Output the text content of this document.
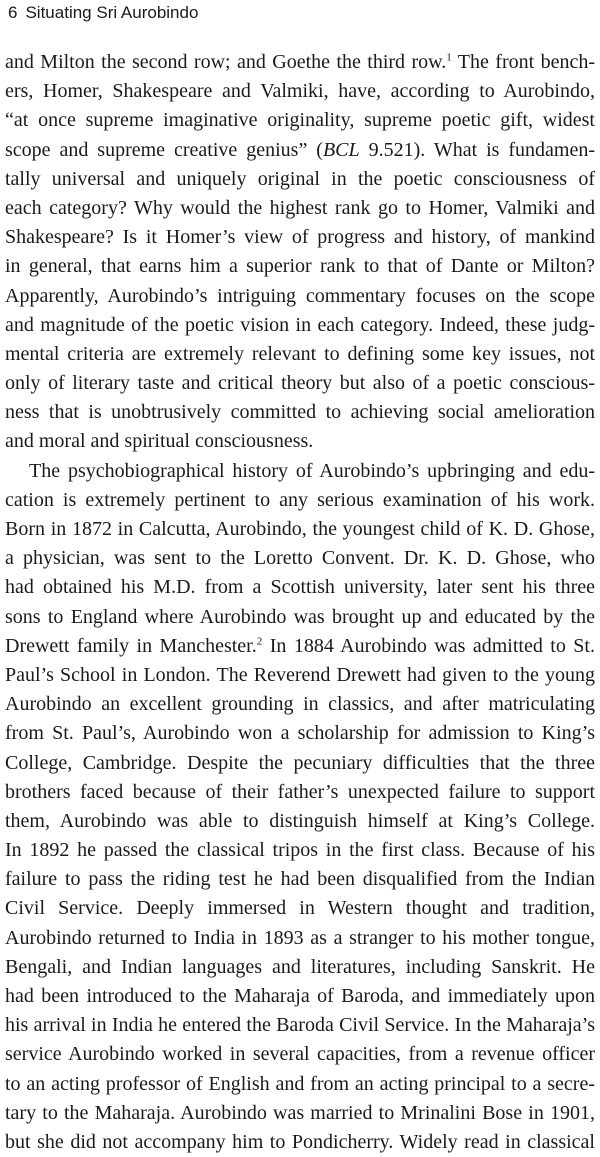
6 Situating Sri Aurobindo
and Milton the second row; and Goethe the third row.$^1$ The front bench-
ers, Homer, Shakespeare and Valmiki, have, according to Aurobindo,
“at once supreme imaginative originality, supreme poetic gift, widest
scope and supreme creative genius” (BCL 9.521). What is fundamen-
tally universal and uniquely original in the poetic consciousness of
each category? Why would the highest rank go to Homer, Valmiki and
Shakespeare? Is it Homer’s view of progress and history, of mankind
in general, that earns him a superior rank to that of Dante or Milton?
Apparently, Aurobindo’s intriguing commentary focuses on the scope
and magnitude of the poetic vision in each category. Indeed, these judg-
mental criteria are extremely relevant to defining some key issues, not
only of literary taste and critical theory but also of a poetic conscious-
ness that is unobtrusively committed to achieving social amelioration
and moral and spiritual consciousness.
The psychobiographical history of Aurobindo’s upbringing and edu-
cation is extremely pertinent to any serious examination of his work.
Born in 1872 in Calcutta, Aurobindo, the youngest child of K. D. Ghose,
a physician, was sent to the Loretto Convent. Dr. K. D. Ghose, who
had obtained his M.D. from a Scottish university, later sent his three
sons to England where Aurobindo was brought up and educated by the
Drewett family in Manchester.$^2$ In 1884 Aurobindo was admitted to St.
Paul’s School in London. The Reverend Drewett had given to the young
Aurobindo an excellent grounding in classics, and after matriculating
from St. Paul’s, Aurobindo won a scholarship for admission to King’s
College, Cambridge. Despite the pecuniary difficulties that the three
brothers faced because of their father’s unexpected failure to support
them, Aurobindo was able to distinguish himself at King’s College.
In 1892 he passed the classical tripos in the first class. Because of his
failure to pass the riding test he had been disqualified from the Indian
Civil Service. Deeply immersed in Western thought and tradition,
Aurobindo returned to India in 1893 as a stranger to his mother tongue,
Bengali, and Indian languages and literatures, including Sanskrit. He
had been introduced to the Maharaja of Baroda, and immediately upon
his arrival in India he entered the Baroda Civil Service. In the Maharaja’s
service Aurobindo worked in several capacities, from a revenue officer
to an acting professor of English and from an acting principal to a secre-
tary to the Maharaja. Aurobindo was married to Mrinalini Bose in 1901,
but she did not accompany him to Pondicherry. Widely read in classical
